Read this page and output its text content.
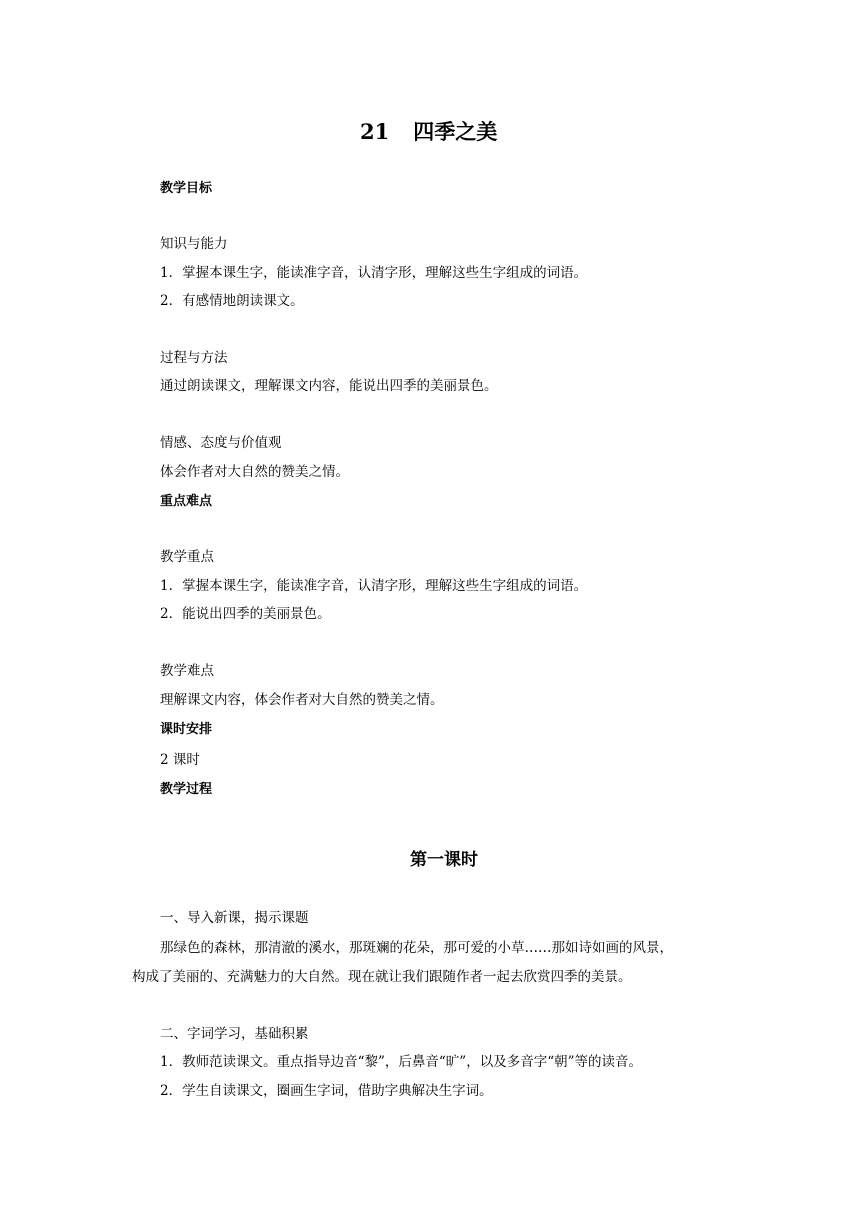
21 四季之美
教学目标
知识与能力
1．掌握本课生字，能读准字音，认清字形，理解这些生字组成的词语。
2．有感情地朗读课文。
过程与方法
通过朗读课文，理解课文内容，能说出四季的美丽景色。
情感、态度与价值观
体会作者对大自然的赞美之情。
重点难点
教学重点
1．掌握本课生字，能读准字音，认清字形，理解这些生字组成的词语。
2．能说出四季的美丽景色。
教学难点
理解课文内容，体会作者对大自然的赞美之情。
课时安排
2 课时
教学过程
第一课时
一、导入新课，揭示课题
那绿色的森林，那清澈的溪水，那斑斓的花朵，那可爱的小草……那如诗如画的风景，
构成了美丽的、充满魅力的大自然。现在就让我们跟随作者一起去欣赏四季的美景。
二、字词学习，基础积累
1．教师范读课文。重点指导边音“黎”，后鼻音“旷”，以及多音字“朝”等的读音。
2．学生自读课文，圈画生字词，借助字典解决生字词。
